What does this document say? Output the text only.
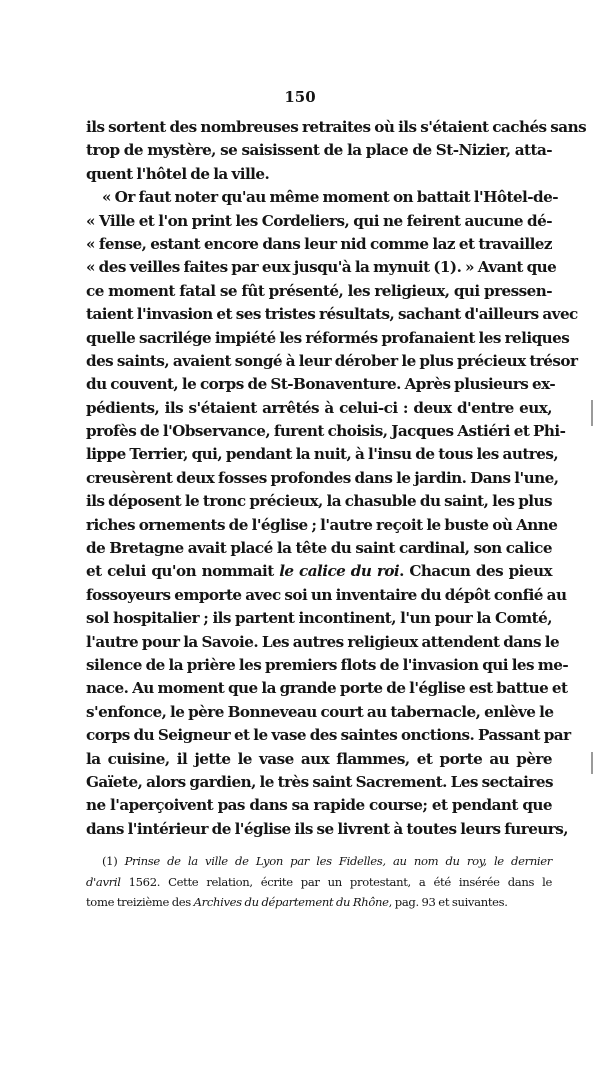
150
ils sortent des nombreuses retraites où ils s'étaient cachés sans
trop de mystère, se saisissent de la place de St-Nizier, atta-
quent l'hôtel de la ville.
« Or faut noter qu'au même moment on battait l'Hôtel-de-
« Ville et l'on print les Cordeliers, qui ne feirent aucune dé-
« fense, estant encore dans leur nid comme laz et travaillez
« des veilles faites par eux jusqu'à la mynuit (1). » Avant que
ce moment fatal se fût présenté, les religieux, qui pressen-
taient l'invasion et ses tristes résultats, sachant d'ailleurs avec
quelle sacrilége impiété les réformés profanaient les reliques
des saints, avaient songé à leur dérober le plus précieux trésor
du couvent, le corps de St-Bonaventure. Après plusieurs ex-
pédients, ils s'étaient arrêtés à celui-ci : deux d'entre eux,
profès de l'Observance, furent choisis, Jacques Astiéri et Phi-
lippe Terrier, qui, pendant la nuit, à l'insu de tous les autres,
creusèrent deux fosses profondes dans le jardin. Dans l'une,
ils déposent le tronc précieux, la chasuble du saint, les plus
riches ornements de l'église ; l'autre reçoit le buste où Anne
de Bretagne avait placé la tête du saint cardinal, son calice
et celui qu'on nommait le calice du roi. Chacun des pieux
fossoyeurs emporte avec soi un inventaire du dépôt confié au
sol hospitalier ; ils partent incontinent, l'un pour la Comté,
l'autre pour la Savoie. Les autres religieux attendent dans le
silence de la prière les premiers flots de l'invasion qui les me-
nace. Au moment que la grande porte de l'église est battue et
s'enfonce, le père Bonneveau court au tabernacle, enlève le
corps du Seigneur et le vase des saintes onctions. Passant par
la cuisine, il jette le vase aux flammes, et porte au père
Gaïete, alors gardien, le très saint Sacrement. Les sectaires
ne l'aperçoivent pas dans sa rapide course; et pendant que
dans l'intérieur de l'église ils se livrent à toutes leurs fureurs,
(1) Prinse de la ville de Lyon par les Fidelles, au nom du roy, le dernier
d'avril 1562. Cette relation, écrite par un protestant, a été insérée dans le
tome treizième des Archives du département du Rhône, pag. 93 et suivantes.
